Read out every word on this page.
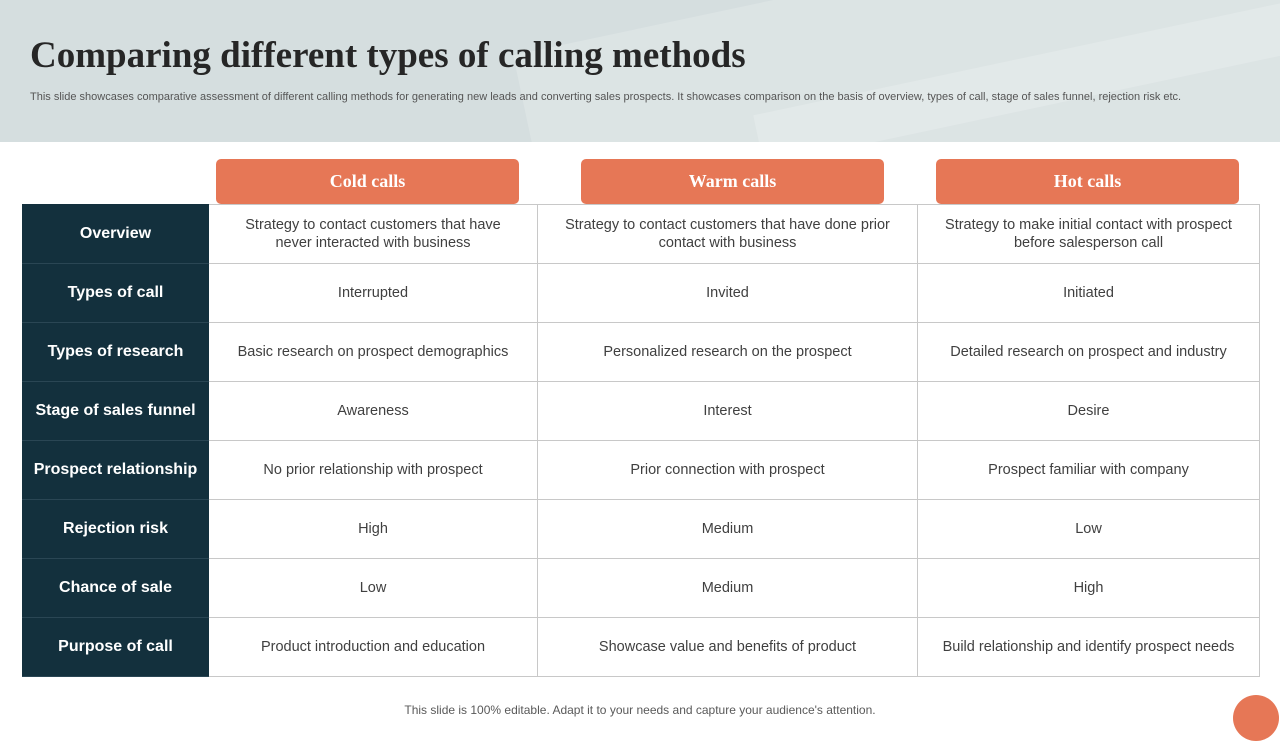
Comparing different types of calling methods

This slide showcases comparative assessment of different calling methods for generating new leads and converting sales prospects. It showcases comparison on the basis of overview, types of call, stage of sales funnel, rejection risk etc.

Cold calls	Warm calls	Hot calls
Overview	Strategy to contact customers that have never interacted with business	Strategy to contact customers that have done prior contact with business	Strategy to make initial contact with prospect before salesperson call
Types of call	Interrupted	Invited	Initiated
Types of research	Basic research on prospect demographics	Personalized research on the prospect	Detailed research on prospect and industry
Stage of sales funnel	Awareness	Interest	Desire
Prospect relationship	No prior relationship with prospect	Prior connection with prospect	Prospect familiar with company
Rejection risk	High	Medium	Low
Chance of sale	Low	Medium	High
Purpose of call	Product introduction and education	Showcase value and benefits of product	Build relationship and identify prospect needs

This slide is 100% editable. Adapt it to your needs and capture your audience's attention.
